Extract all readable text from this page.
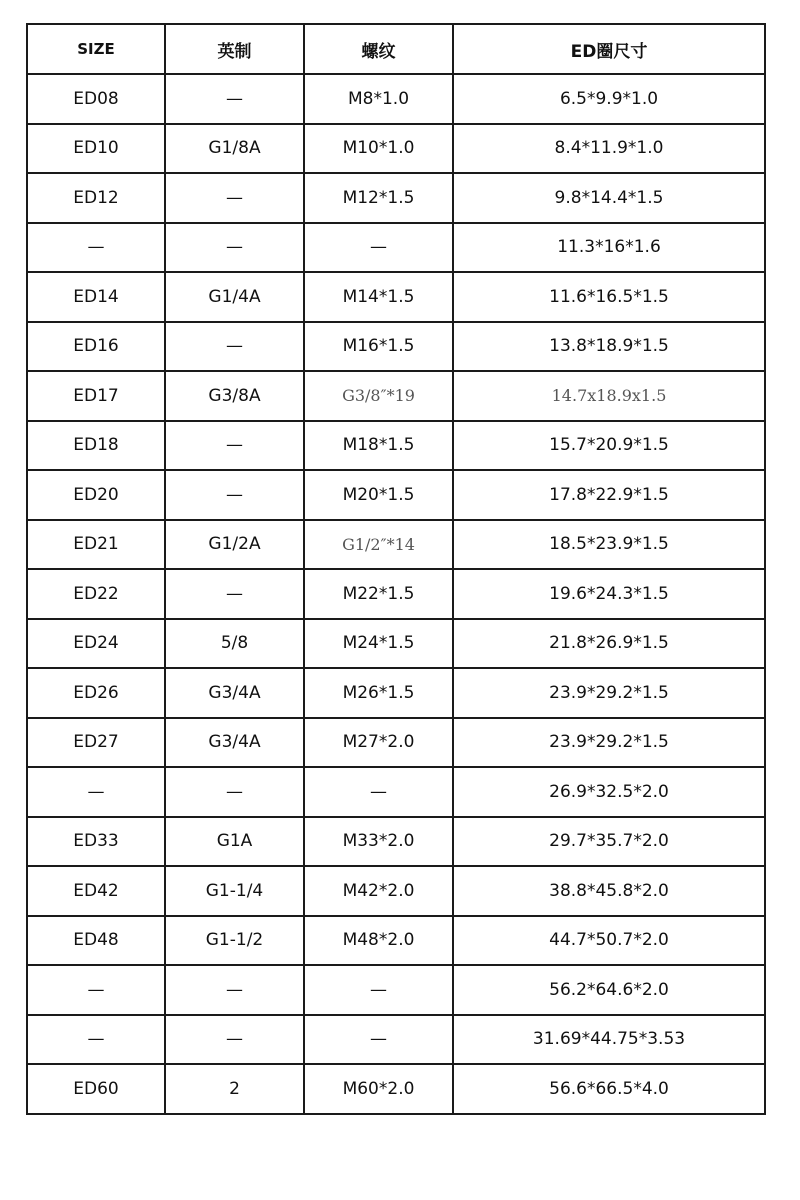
SIZE	英制	螺纹	ED圈尺寸
ED08	—	M8*1.0	6.5*9.9*1.0
ED10	G1/8A	M10*1.0	8.4*11.9*1.0
ED12	—	M12*1.5	9.8*14.4*1.5
—	—	—	11.3*16*1.6
ED14	G1/4A	M14*1.5	11.6*16.5*1.5
ED16	—	M16*1.5	13.8*18.9*1.5
ED17	G3/8A	G3/8″*19	14.7x18.9x1.5
ED18	—	M18*1.5	15.7*20.9*1.5
ED20	—	M20*1.5	17.8*22.9*1.5
ED21	G1/2A	G1/2″*14	18.5*23.9*1.5
ED22	—	M22*1.5	19.6*24.3*1.5
ED24	5/8	M24*1.5	21.8*26.9*1.5
ED26	G3/4A	M26*1.5	23.9*29.2*1.5
ED27	G3/4A	M27*2.0	23.9*29.2*1.5
—	—	—	26.9*32.5*2.0
ED33	G1A	M33*2.0	29.7*35.7*2.0
ED42	G1-1/4	M42*2.0	38.8*45.8*2.0
ED48	G1-1/2	M48*2.0	44.7*50.7*2.0
—	—	—	56.2*64.6*2.0
—	—	—	31.69*44.75*3.53
ED60	2	M60*2.0	56.6*66.5*4.0
